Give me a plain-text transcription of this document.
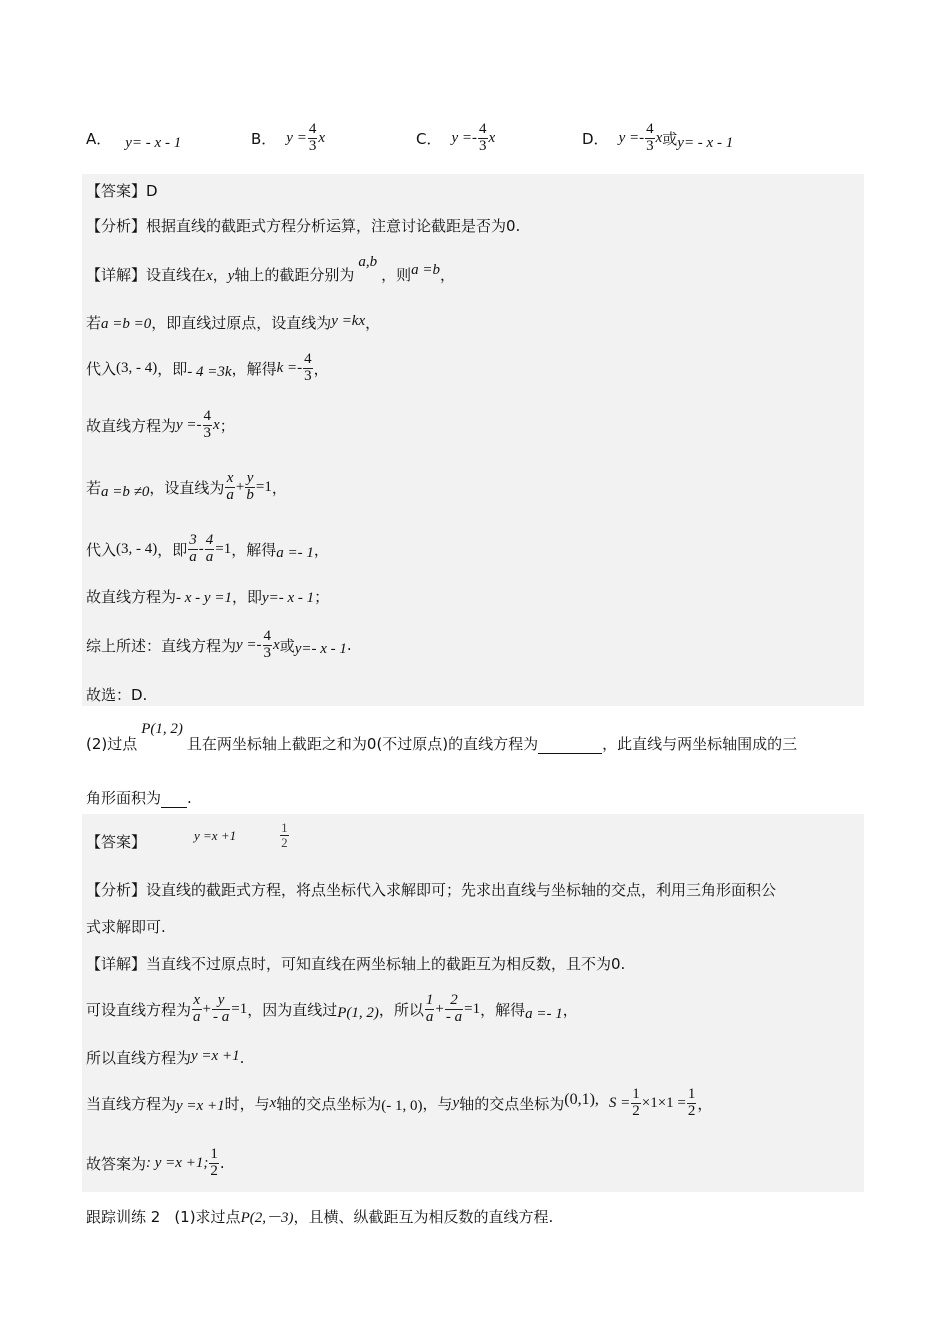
A． y= - x - 1	B． $y = \frac{4}{3}$ x	C． $y =- \frac{4}{3}$ x	D． $y =- \frac{4}{3}$ x 或 y= - x - 1
【答案】D
【分析】根据直线的截距式方程分析运算，注意讨论截距是否为0.
【详解】设直线在x，y轴上的截距分别为a,b，则a =b，
若a =b =0，即直线过原点，设直线为y =kx，
代入 (3, - 4) ，即 - 4 =3k ，解得 $k =- \frac{4}{3}$ ，
故直线方程为 $y =- \frac{4}{3}$ x ；
若 a =b ≠0 ，设直线为 $\frac{x}{a} + \frac{y}{b} =1$ ，
代入 (3, - 4) ，即 $\frac{3}{a} - \frac{4}{a} =1$ ，解得 a =- 1 ，
故直线方程为- x - y =1，即y=- x - 1；
综上所述：直线方程为 $y =- \frac{4}{3}$ x 或 y=- x - 1 .
故选：D.
(2)过点P(1, 2)且在两坐标轴上截距之和为0(不过原点)的直线方程为	，此直线与两坐标轴围成的三
角形面积为 .
【答案】	y =x +1	$\frac{1}{2}$
【分析】设直线的截距式方程，将点坐标代入求解即可；先求出直线与坐标轴的交点，利用三角形面积公
式求解即可.
【详解】当直线不过原点时，可知直线在两坐标轴上的截距互为相反数，且不为0.
可设直线方程为 $\frac{x}{a} + \frac{y}{- a} =1$ ，因为直线过 P(1, 2) ，所以 $\frac{1}{a} + \frac{2}{- a} =1$ ，解得 a =- 1 ，
所以直线方程为y =x +1.
当直线方程为 y =x +1 时，与 x 轴的交点坐标为 (- 1, 0) ，与 y 轴的交点坐标为 (0,1), $S = \frac{1}{2} \times 1\times 1 = \frac{1}{2}$ ，
故答案为 : y =x +1; $\frac{1}{2}$ .
跟踪训练 2 (1)求过点P(2,－3)，且横、纵截距互为相反数的直线方程.
